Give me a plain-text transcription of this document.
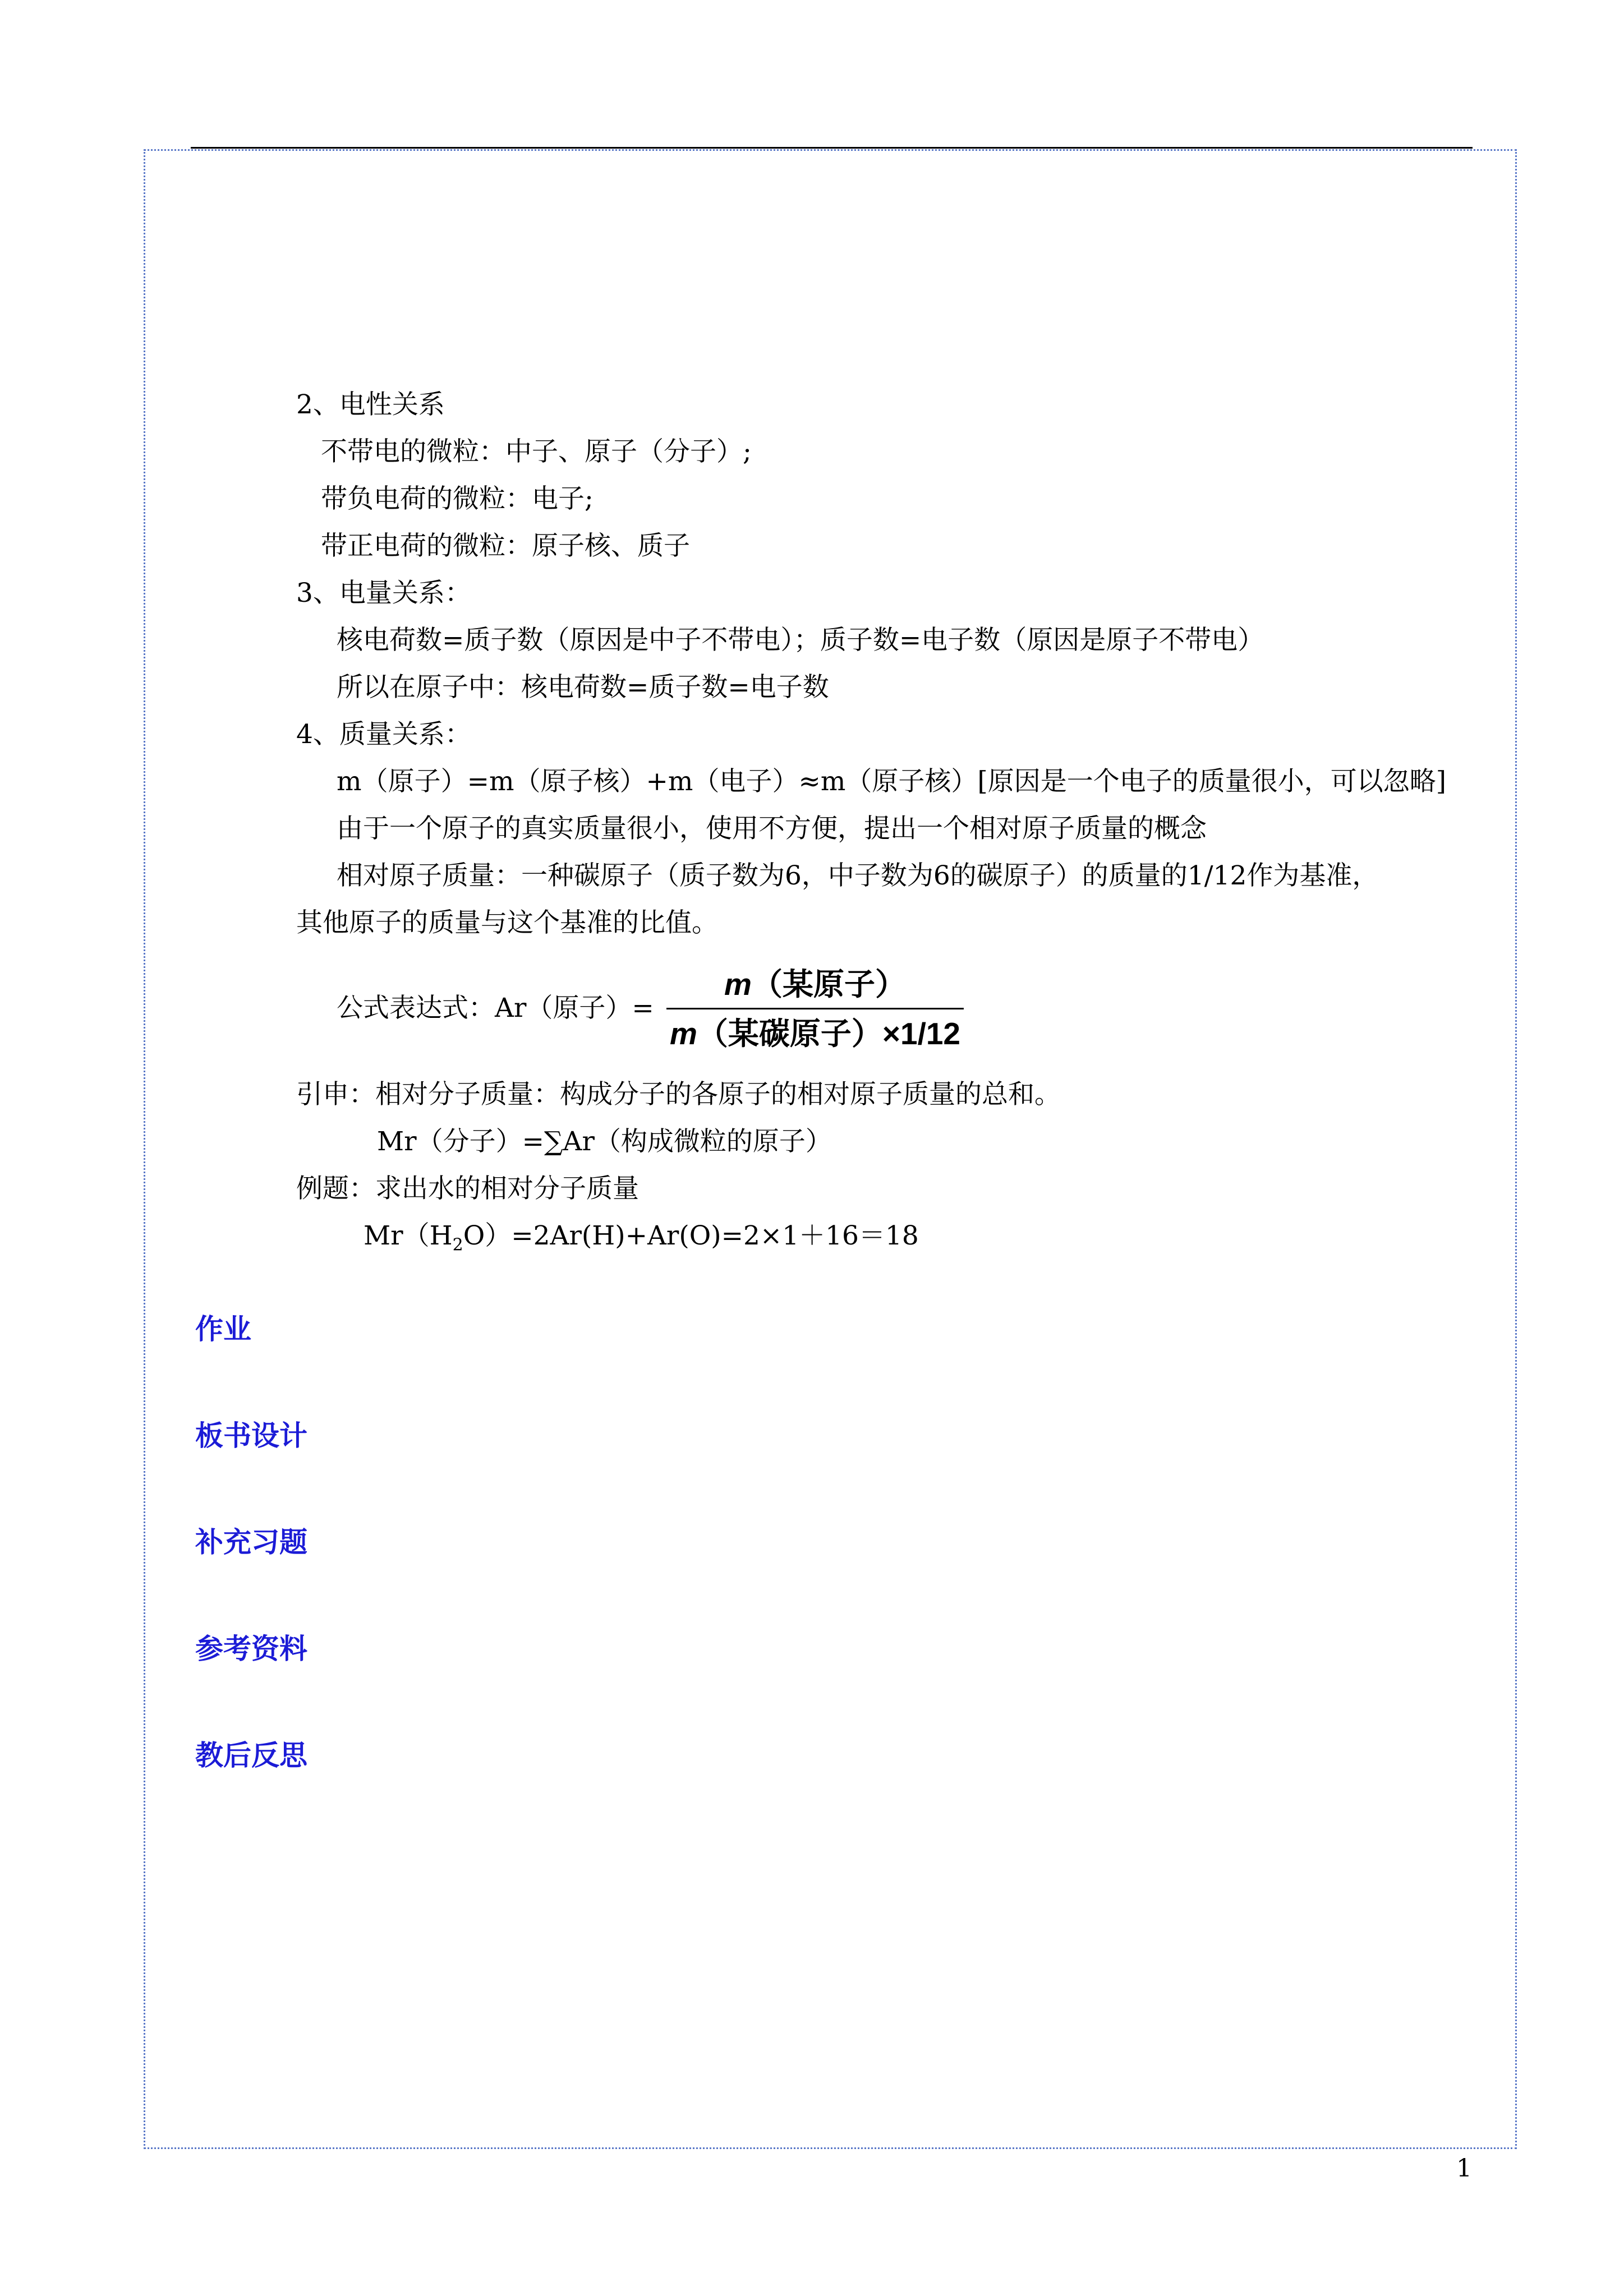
2、电性关系
不带电的微粒：中子、原子（分子）;
带负电荷的微粒：电子;
带正电荷的微粒：原子核、质子
3、电量关系：
核电荷数=质子数（原因是中子不带电）；质子数=电子数（原因是原子不带电）
所以在原子中：核电荷数=质子数=电子数
4、质量关系：
m（原子）=m（原子核）+m（电子）≈m（原子核）[原因是一个电子的质量很小，可以忽略]
由于一个原子的真实质量很小，使用不方便，提出一个相对原子质量的概念
相对原子质量：一种碳原子（质子数为6，中子数为6的碳原子）的质量的1/12作为基准，
其他原子的质量与这个基准的比值。
公式表达式：Ar（原子）=
m（某原子）
m（某碳原子）×1/12
引申：相对分子质量：构成分子的各原子的相对原子质量的总和。
Mr（分子）=∑Ar（构成微粒的原子）
例题：求出水的相对分子质量
$Mr(H_2O)=2Ar(H)+Ar(O)=2\times 1+16=18$
作业
板书设计
补充习题
参考资料
教后反思
1
